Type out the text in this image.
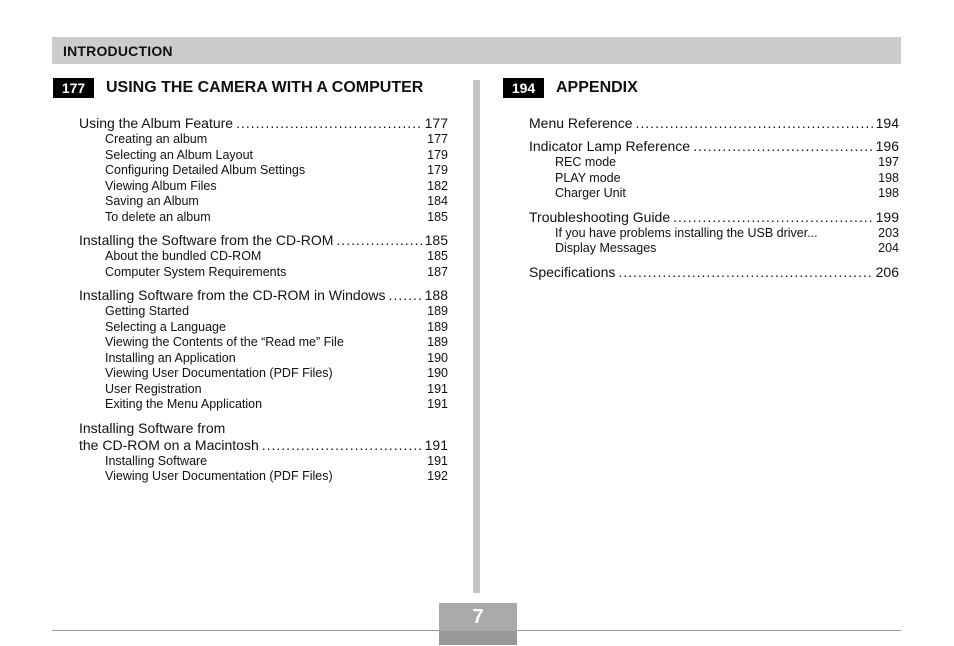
INTRODUCTION
177	USING THE CAMERA WITH A COMPUTER
Using the Album Feature .....	177
Creating an album	177
Selecting an Album Layout	179
Configuring Detailed Album Settings	179
Viewing Album Files	182
Saving an Album	184
To delete an album	185
Installing the Software from the CD-ROM .....	185
About the bundled CD-ROM	185
Computer System Requirements	187
Installing Software from the CD-ROM in Windows .....	188
Getting Started	189
Selecting a Language	189
Viewing the Contents of the “Read me” File	189
Installing an Application	190
Viewing User Documentation (PDF Files)	190
User Registration	191
Exiting the Menu Application	191
Installing Software from
the CD-ROM on a Macintosh .....	191
Installing Software	191
Viewing User Documentation (PDF Files)	192
194	APPENDIX
Menu Reference .....	194
Indicator Lamp Reference .....	196
REC mode	197
PLAY mode	198
Charger Unit	198
Troubleshooting Guide .....	199
If you have problems installing the USB driver...	203
Display Messages	204
Specifications .....	206
7
